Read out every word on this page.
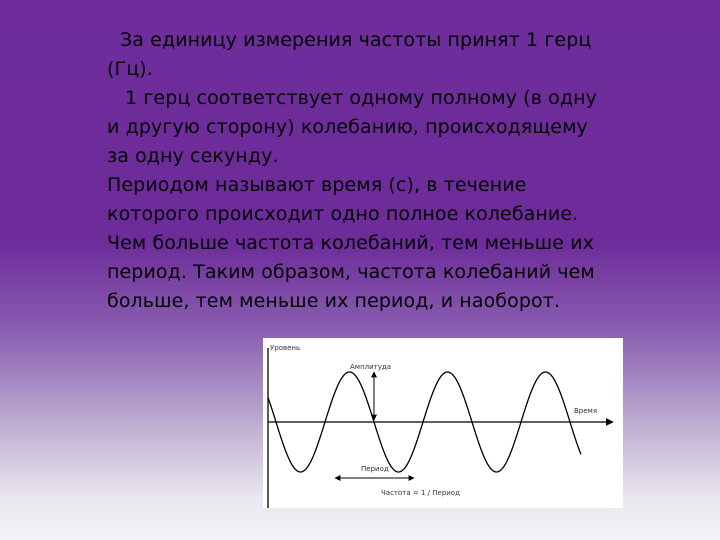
За единицу измерения частоты принят 1 герц (Гц).

1 герц соответствует одному полному (в одну и другую сторону) колебанию, происходящему за одну секунду.

Периодом называют время (с), в течение которого происходит одно полное колебание.

Чем больше частота колебаний, тем меньше их период. Таким образом, частота колебаний чем больше, тем меньше их период, и наоборот.

Уровень
Амплитуда
Время
Период
Частота = 1 / Период
